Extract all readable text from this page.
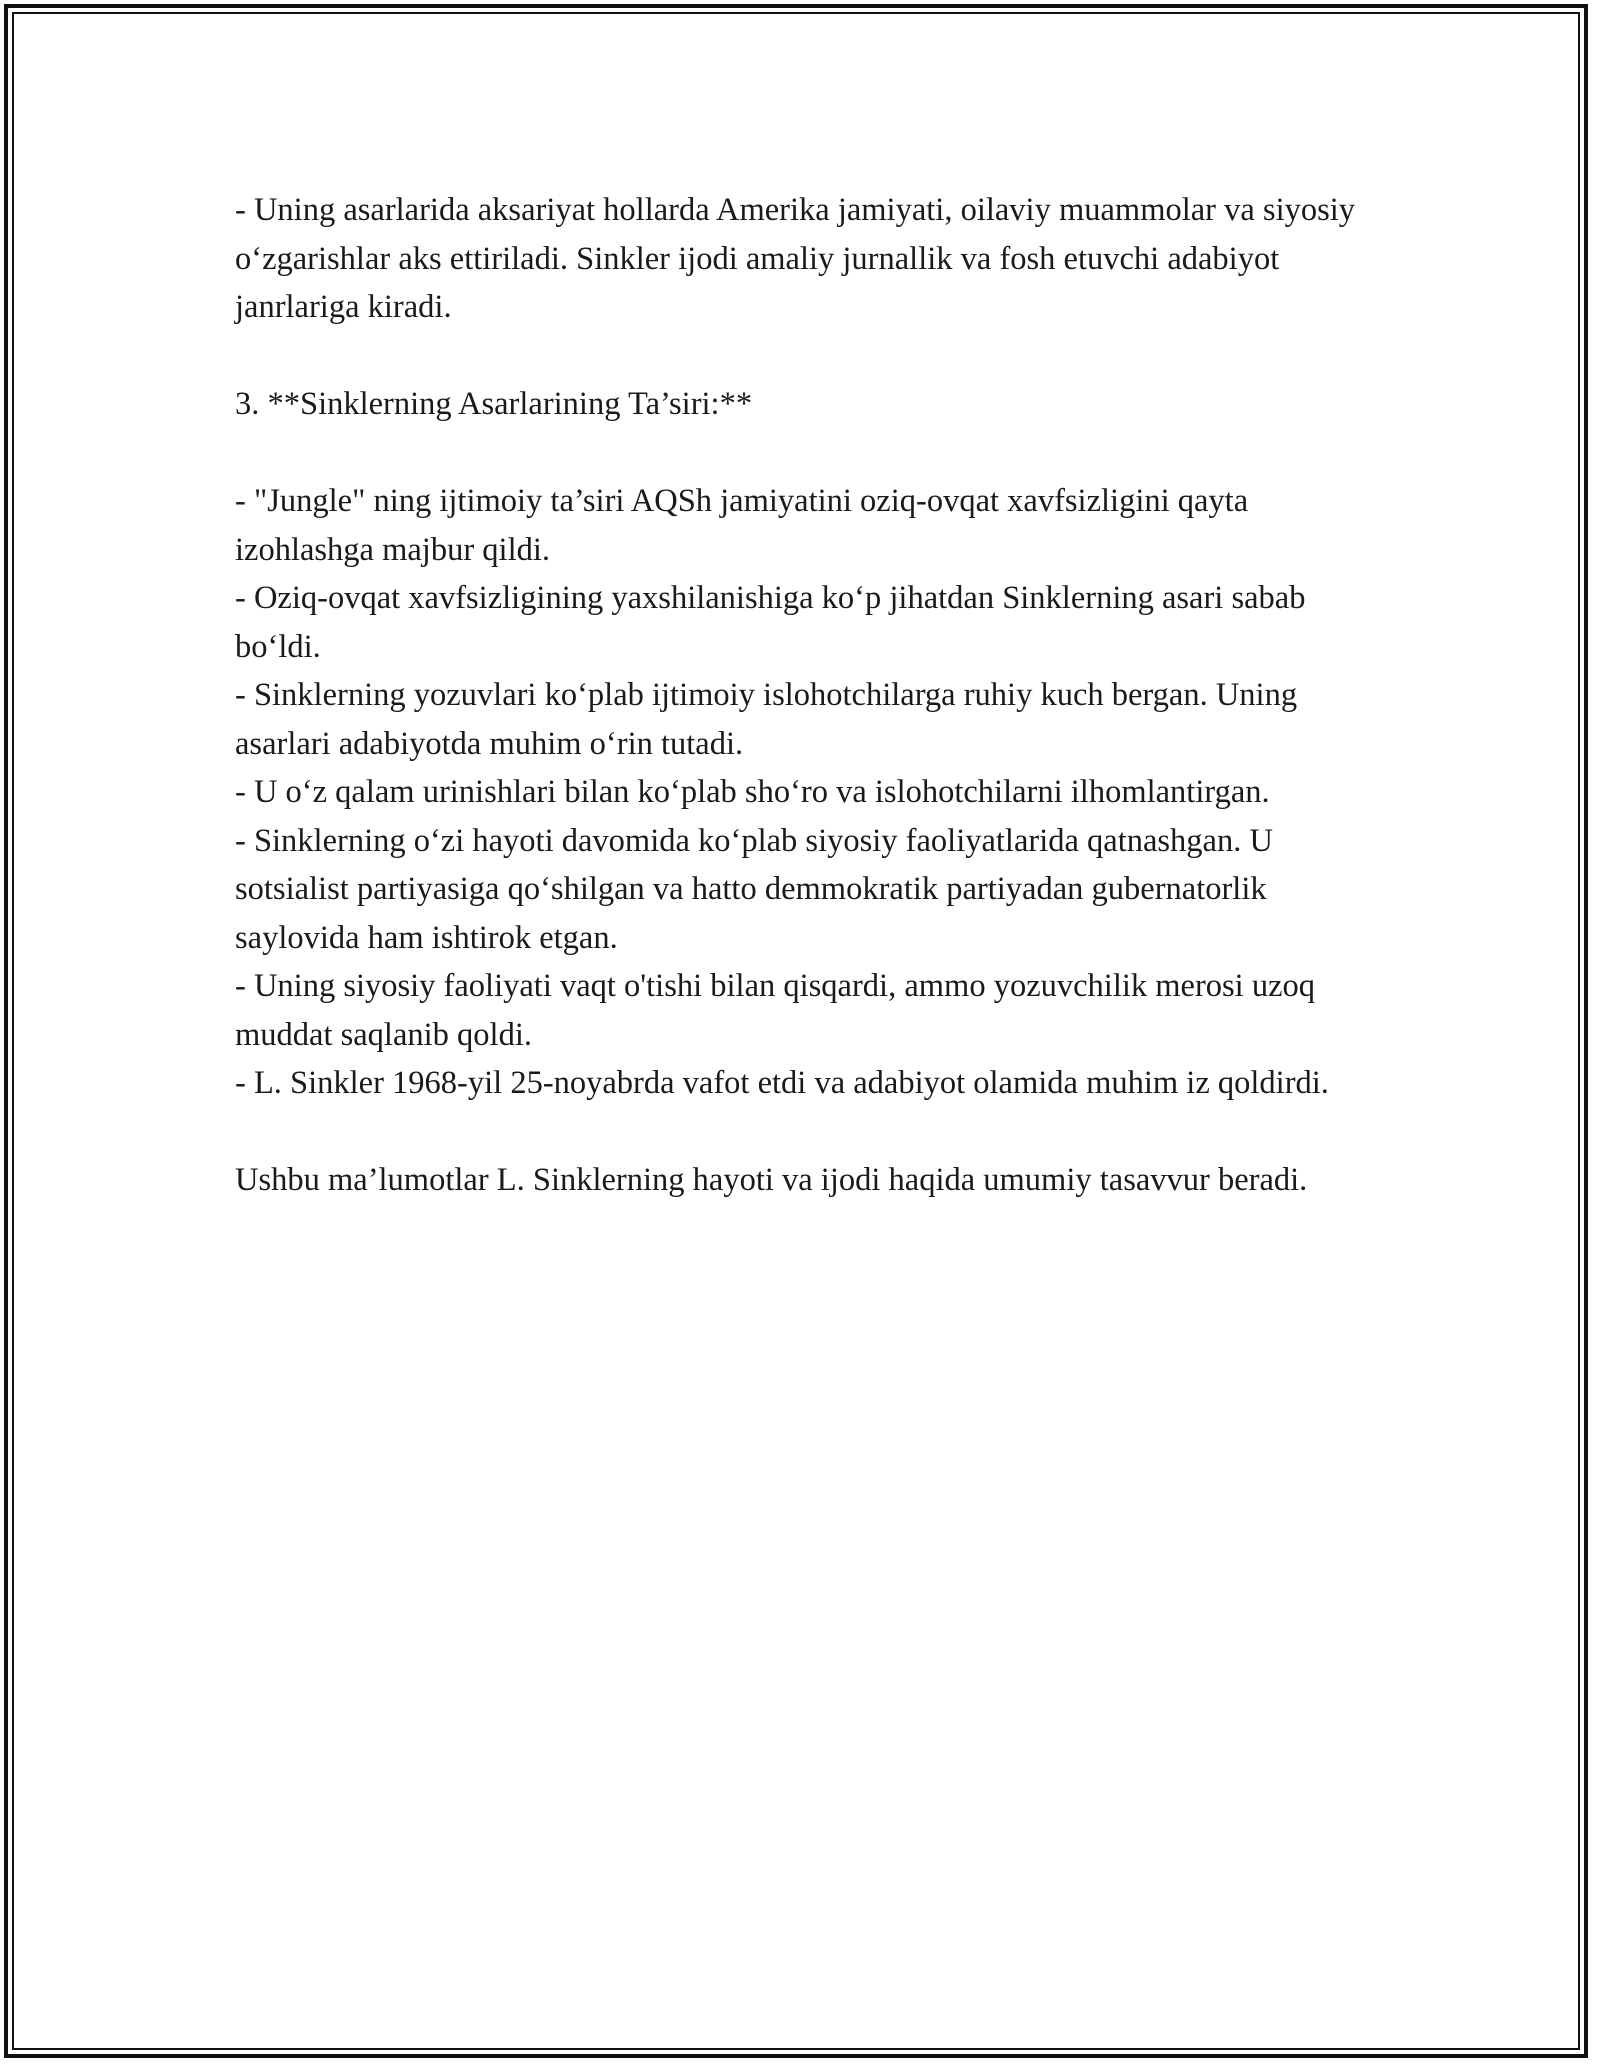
- Uning asarlarida aksariyat hollarda Amerika jamiyati, oilaviy muammolar va siyosiy o‘zgarishlar aks ettiriladi. Sinkler ijodi amaliy jurnallik va fosh etuvchi adabiyot janrlariga kiradi.

3. **Sinklerning Asarlarining Ta’siri:**

- "Jungle" ning ijtimoiy ta’siri AQSh jamiyatini oziq-ovqat xavfsizligini qayta izohlashga majbur qildi.

- Oziq-ovqat xavfsizligining yaxshilanishiga ko‘p jihatdan Sinklerning asari sabab bo‘ldi.

- Sinklerning yozuvlari ko‘plab ijtimoiy islohotchilarga ruhiy kuch bergan. Uning asarlari adabiyotda muhim o‘rin tutadi.

- U o‘z qalam urinishlari bilan ko‘plab sho‘ro va islohotchilarni ilhomlantirgan.

- Sinklerning o‘zi hayoti davomida ko‘plab siyosiy faoliyatlarida qatnashgan. U sotsialist partiyasiga qo‘shilgan va hatto demmokratik partiyadan gubernatorlik saylovida ham ishtirok etgan.

- Uning siyosiy faoliyati vaqt o'tishi bilan qisqardi, ammo yozuvchilik merosi uzoq muddat saqlanib qoldi.

- L. Sinkler 1968-yil 25-noyabrda vafot etdi va adabiyot olamida muhim iz qoldirdi.

Ushbu ma’lumotlar L. Sinklerning hayoti va ijodi haqida umumiy tasavvur beradi.
